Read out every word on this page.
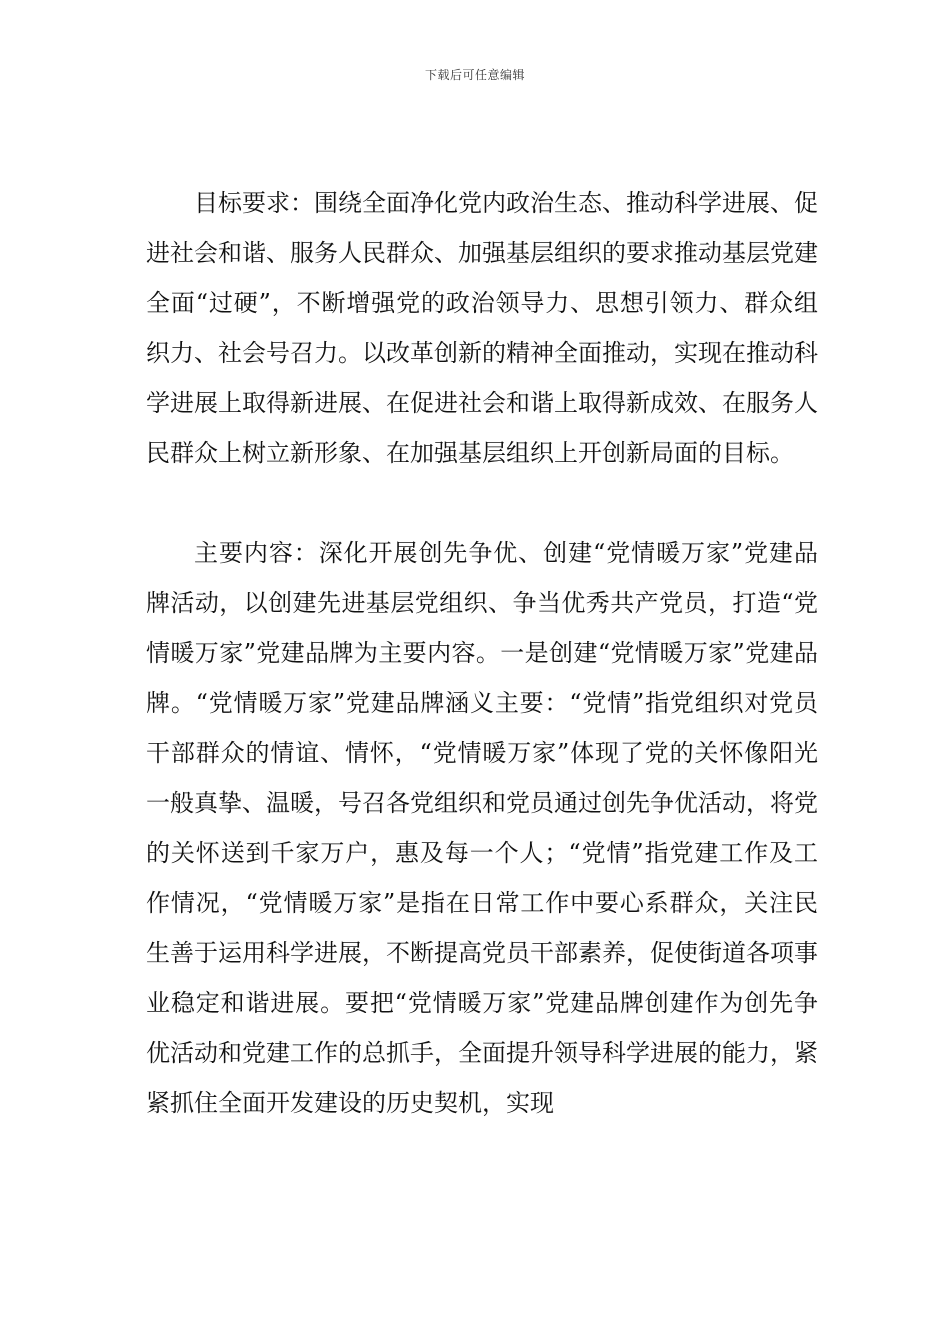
下载后可任意编辑

目标要求：围绕全面净化党内政治生态、推动科学进展、促进社会和谐、服务人民群众、加强基层组织的要求推动基层党建全面“过硬”，不断增强党的政治领导力、思想引领力、群众组织力、社会号召力。以改革创新的精神全面推动，实现在推动科学进展上取得新进展、在促进社会和谐上取得新成效、在服务人民群众上树立新形象、在加强基层组织上开创新局面的目标。

主要内容：深化开展创先争优、创建“党情暖万家”党建品牌活动，以创建先进基层党组织、争当优秀共产党员，打造“党情暖万家”党建品牌为主要内容。一是创建“党情暖万家”党建品牌。“党情暖万家”党建品牌涵义主要：“党情”指党组织对党员干部群众的情谊、情怀，“党情暖万家”体现了党的关怀像阳光一般真挚、温暖，号召各党组织和党员通过创先争优活动，将党的关怀送到千家万户，惠及每一个人；“党情”指党建工作及工作情况，“党情暖万家”是指在日常工作中要心系群众，关注民生善于运用科学进展，不断提高党员干部素养，促使街道各项事业稳定和谐进展。要把“党情暖万家”党建品牌创建作为创先争优活动和党建工作的总抓手，全面提升领导科学进展的能力，紧紧抓住全面开发建设的历史契机，实现
